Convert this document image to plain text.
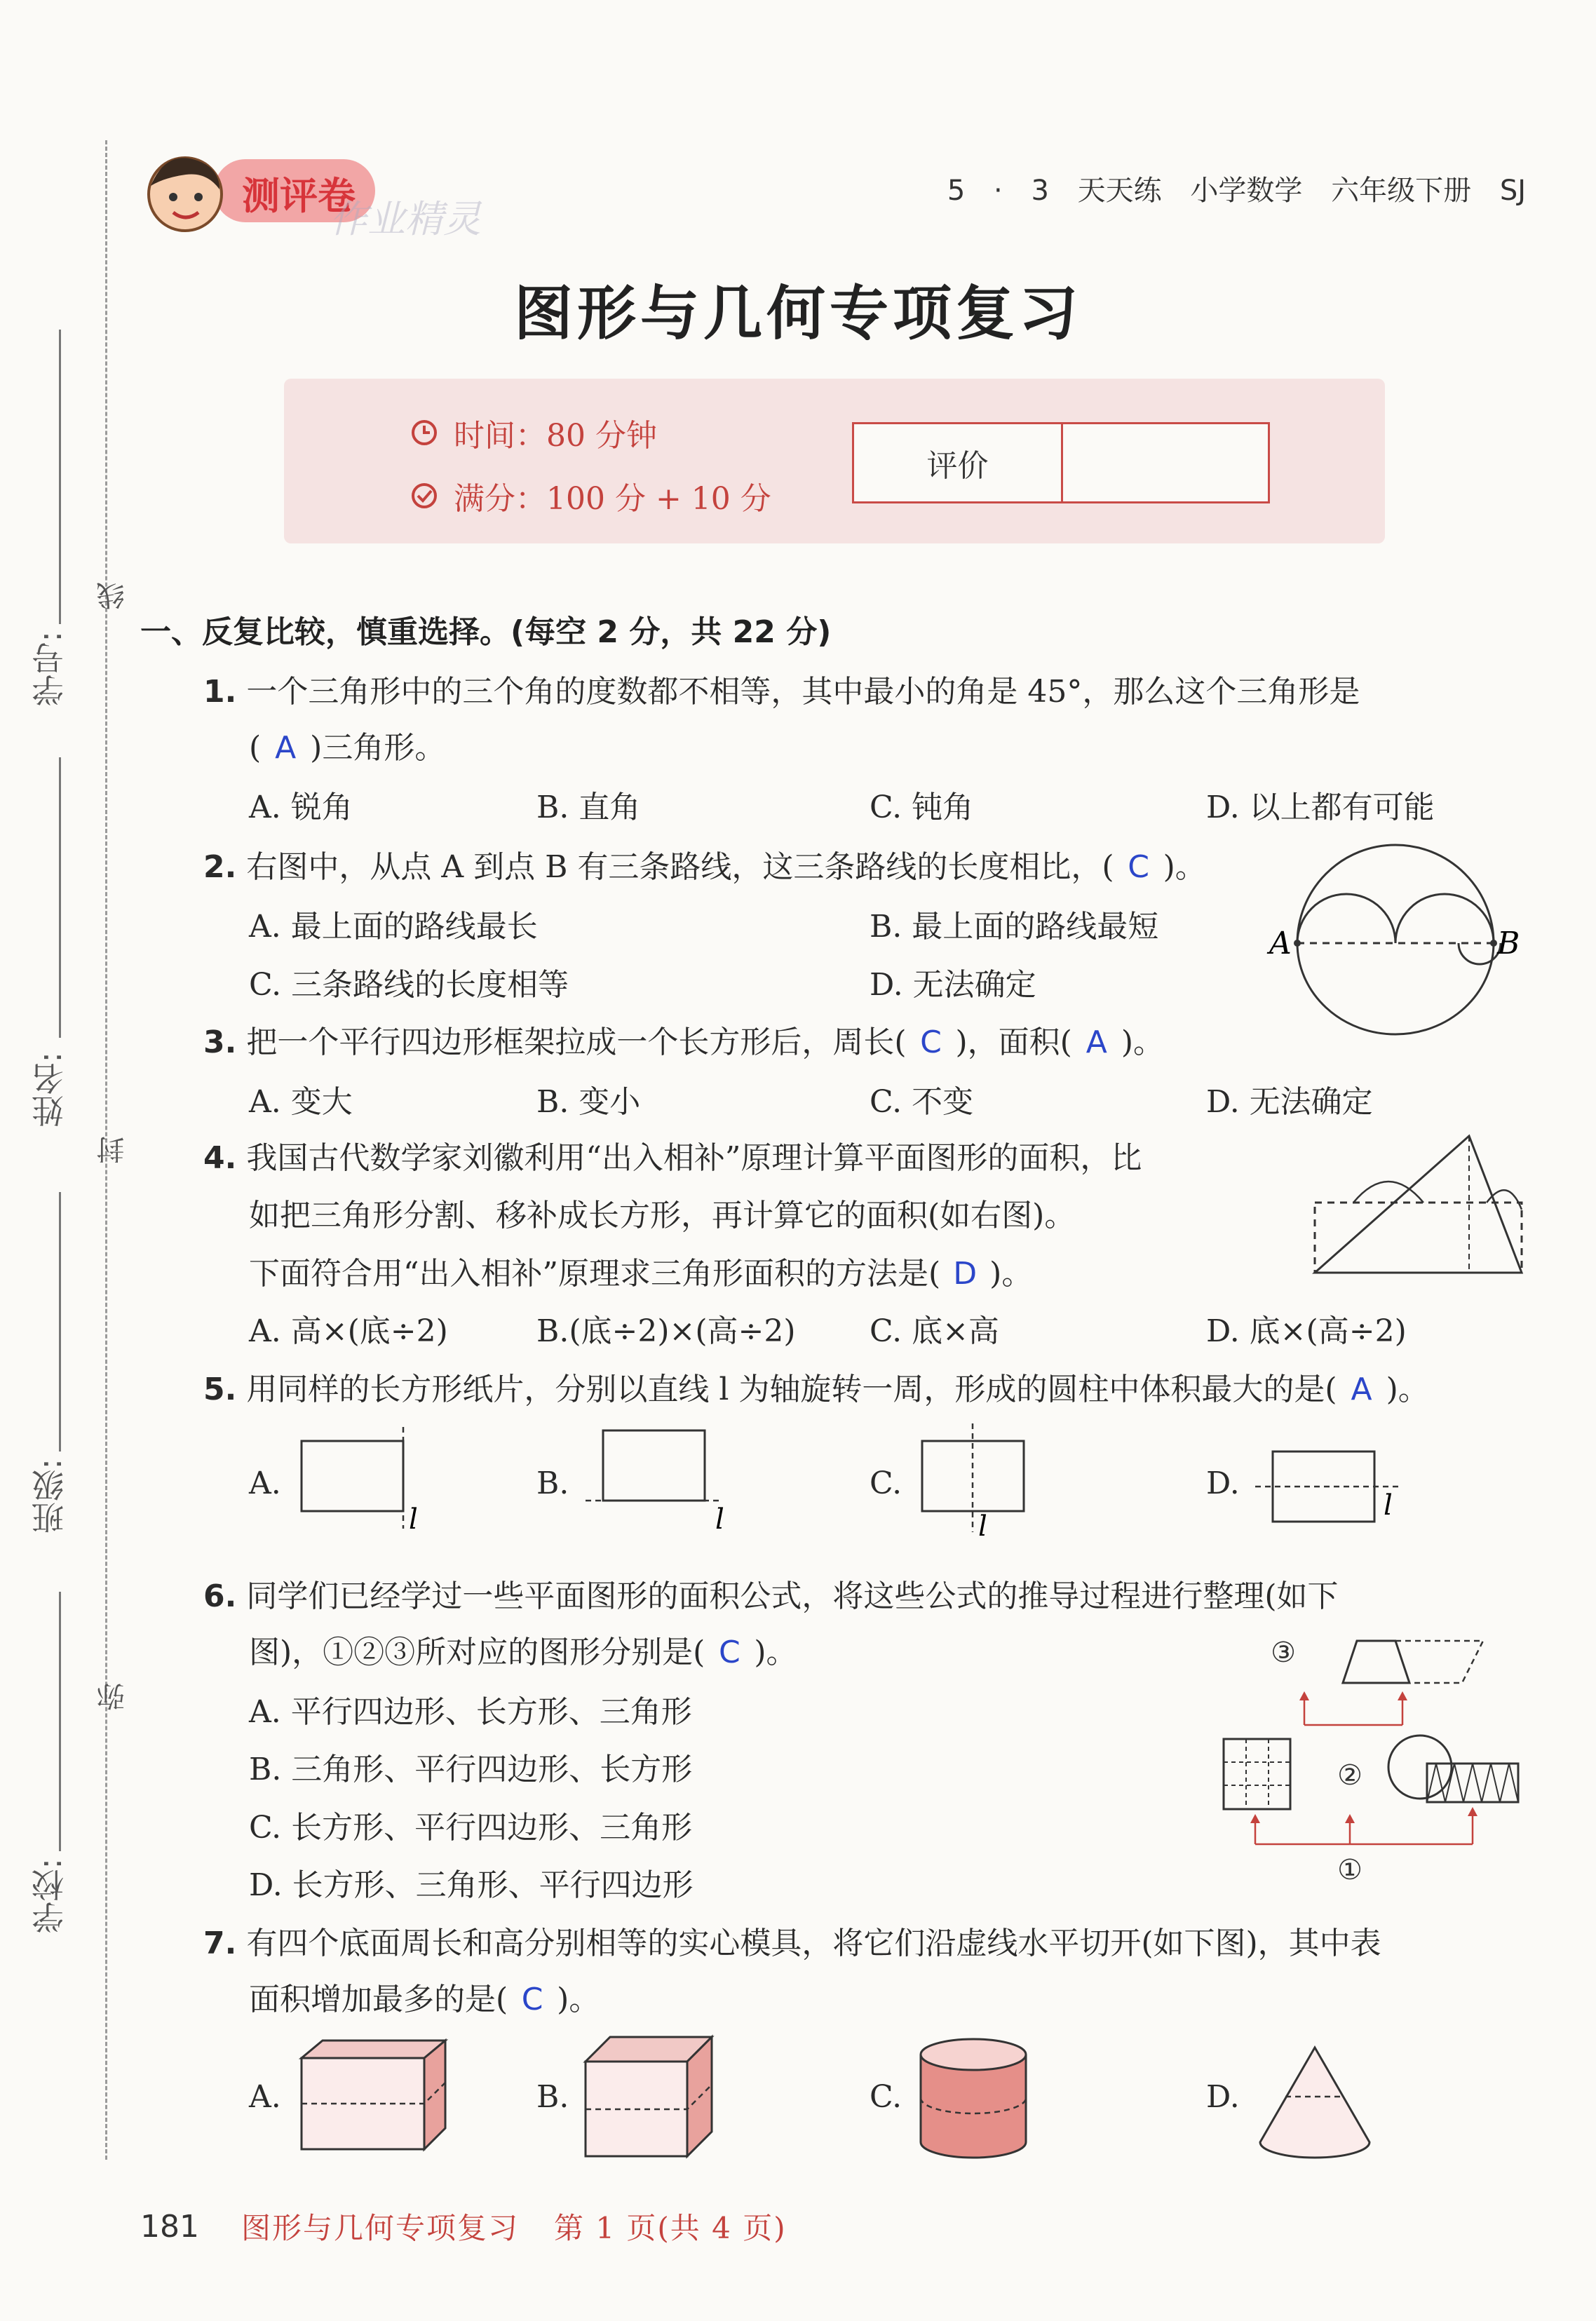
学号:
姓名:
班级:
学校:
线
封
弥
测评卷
作业精灵
5 · 3 天天练 小学数学 六年级下册 SJ
图形与几何专项复习
时间：80 分钟
满分：100 分 + 10 分
评价
一、反复比较，慎重选择。(每空 2 分，共 22 分)
1. 一个三角形中的三个角的度数都不相等，其中最小的角是 45°，那么这个三角形是
( A )三角形。
A. 锐角	B. 直角	C. 钝角	D. 以上都有可能
2. 右图中，从点 A 到点 B 有三条路线，这三条路线的长度相比，( C )。
A. 最上面的路线最长	B. 最上面的路线最短
C. 三条路线的长度相等	D. 无法确定
A	B
3. 把一个平行四边形框架拉成一个长方形后，周长( C )，面积( A )。
A. 变大	B. 变小	C. 不变	D. 无法确定
4. 我国古代数学家刘徽利用“出入相补”原理计算平面图形的面积，比
如把三角形分割、移补成长方形，再计算它的面积(如右图)。
下面符合用“出入相补”原理求三角形面积的方法是( D )。
A. 高×(底÷2)	B.(底÷2)×(高÷2) C. 底×高	D. 底×(高÷2)
5. 用同样的长方形纸片，分别以直线 l 为轴旋转一周，形成的圆柱中体积最大的是( A )。
A.
l
B.
l
C.
l
D.
l
6. 同学们已经学过一些平面图形的面积公式，将这些公式的推导过程进行整理(如下
图)，①②③所对应的图形分别是( C )。
A. 平行四边形、长方形、三角形
B. 三角形、平行四边形、长方形
C. 长方形、平行四边形、三角形
D. 长方形、三角形、平行四边形
③
②
①
7. 有四个底面周长和高分别相等的实心模具，将它们沿虚线水平切开(如下图)，其中表
面积增加最多的是( C )。
A.	B.	C.	D.
181 图形与几何专项复习 第 1 页(共 4 页)
